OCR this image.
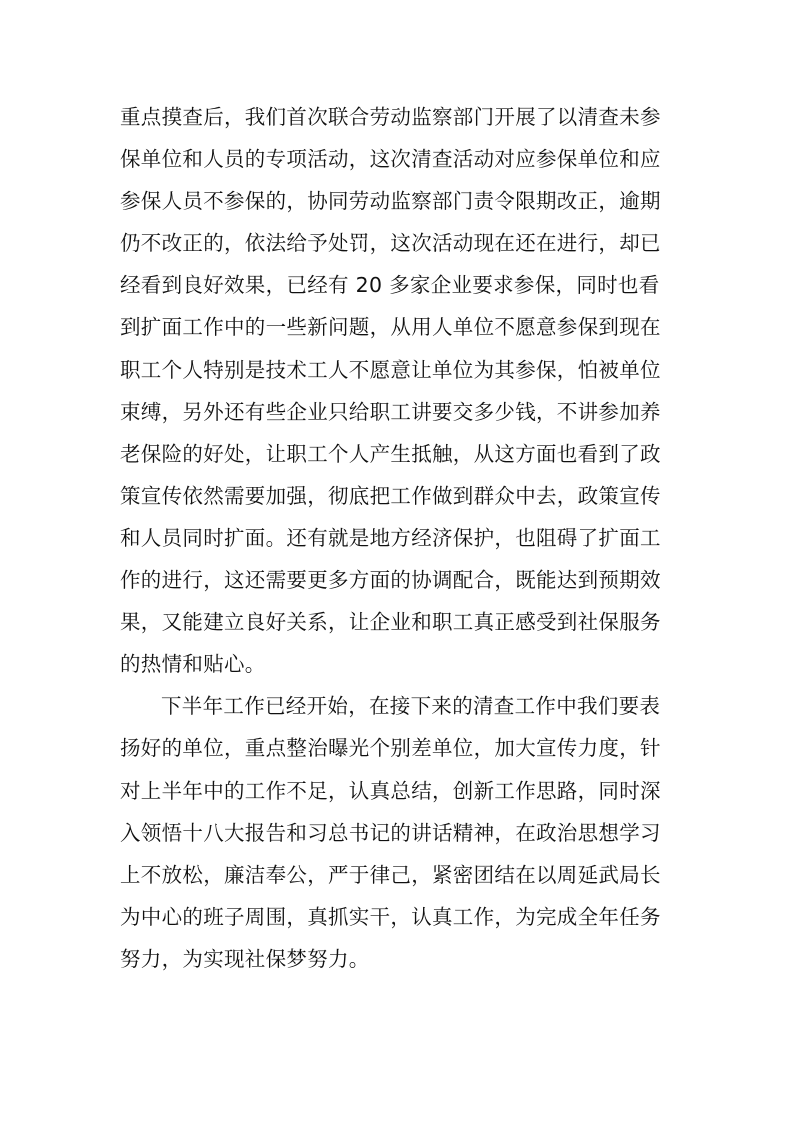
重点摸查后，我们首次联合劳动监察部门开展了以清查未参
保单位和人员的专项活动，这次清查活动对应参保单位和应
参保人员不参保的，协同劳动监察部门责令限期改正，逾期
仍不改正的，依法给予处罚，这次活动现在还在进行，却已
经看到良好效果，已经有 20 多家企业要求参保，同时也看
到扩面工作中的一些新问题，从用人单位不愿意参保到现在
职工个人特别是技术工人不愿意让单位为其参保，怕被单位
束缚，另外还有些企业只给职工讲要交多少钱，不讲参加养
老保险的好处，让职工个人产生抵触，从这方面也看到了政
策宣传依然需要加强，彻底把工作做到群众中去，政策宣传
和人员同时扩面。还有就是地方经济保护，也阻碍了扩面工
作的进行，这还需要更多方面的协调配合，既能达到预期效
果，又能建立良好关系，让企业和职工真正感受到社保服务
的热情和贴心。
下半年工作已经开始，在接下来的清查工作中我们要表
扬好的单位，重点整治曝光个别差单位，加大宣传力度，针
对上半年中的工作不足，认真总结，创新工作思路，同时深
入领悟十八大报告和习总书记的讲话精神，在政治思想学习
上不放松，廉洁奉公，严于律己，紧密团结在以周延武局长
为中心的班子周围，真抓实干，认真工作，为完成全年任务
努力，为实现社保梦努力。
